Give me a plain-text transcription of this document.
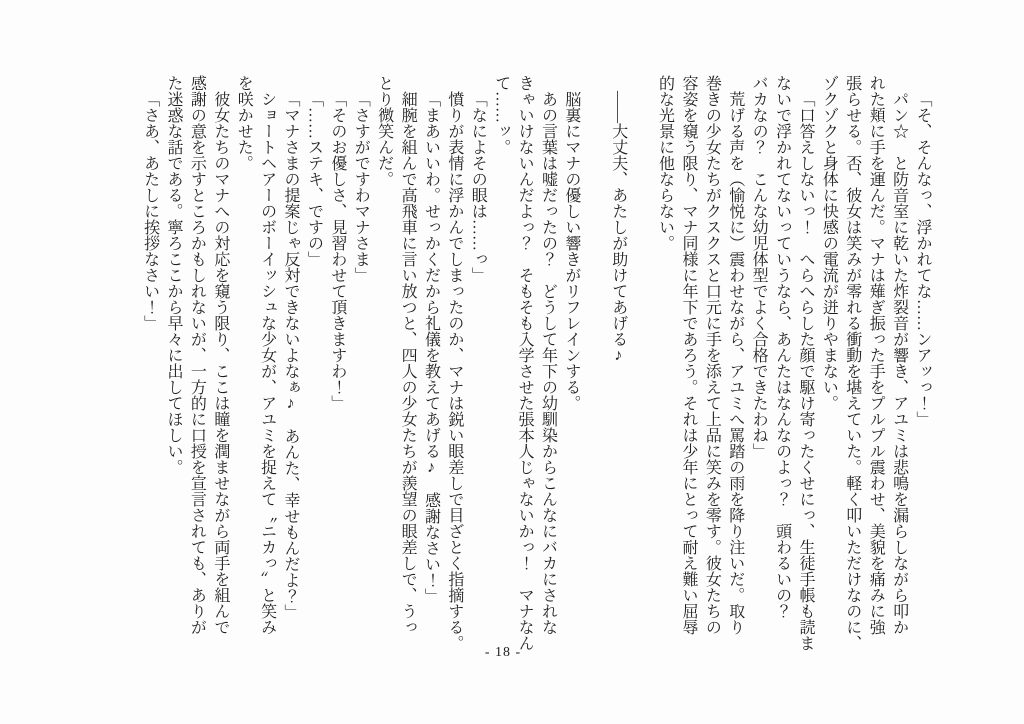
「そ、そんなっ、浮かれてな……ンアッっ！」
パン☆　と防音室に乾いた炸裂音が響き、アユミは悲鳴を漏らしながら叩か
れた頬に手を運んだ。マナは薙ぎ振った手をプルプル震わせ、美貌を痛みに強
張らせる。否、彼女は笑みが零れる衝動を堪えていた。軽く叩いただけなのに、
ゾクゾクと身体に快感の電流が迸りやまない。
「口答えしないっ！　へらへらした顔で駆け寄ったくせにっ、生徒手帳も読ま
ないで浮かれてないっていうなら、あんたはなんなのよっ？　頭わるいの？
バカなの？　こんな幼児体型でよく合格できたわね」
荒げる声を（愉悦に）震わせながら、アユミへ罵踏の雨を降り注いだ。取り
巻きの少女たちがクスクスと口元に手を添えて上品に笑みを零す。彼女たちの
容姿を窺う限り、マナ同様に年下であろう。それは少年にとって耐え難い屈辱
的な光景に他ならない。

――大丈夫、あたしが助けてあげる♪

脳裏にマナの優しい響きがリフレインする。
あの言葉は嘘だったの？　どうして年下の幼馴染からこんなにバカにされな
きゃいけないんだよっ？　そもそも入学させた張本人じゃないかっ！　マナなん
て……ッ。
「なによその眼は……っ」
憤りが表情に浮かんでしまったのか、マナは鋭い眼差しで目ざとく指摘する。
「まあいいわ。せっかくだから礼儀を教えてあげる♪　感謝なさい！」
細腕を組んで高飛車に言い放つと、四人の少女たちが羨望の眼差しで、うっ
とり微笑んだ。
「さすがですわマナさま」
「そのお優しさ、見習わせて頂きますわ！」
「……ステキ、ですの」
「マナさまの提案じゃ反対できないよなぁ♪　あんた、幸せもんだよ？」
ショートヘアーのボーイッシュな少女が、アユミを捉えて〝ニカっ〟と笑み
を咲かせた。
彼女たちのマナへの対応を窺う限り、ここは瞳を潤ませながら両手を組んで
感謝の意を示すところかもしれないが、一方的に口授を宣言されても、ありが
た迷惑な話である。寧ろここから早々に出してほしい。
「さあ、あたしに挨拶なさい！」
- 18 -
